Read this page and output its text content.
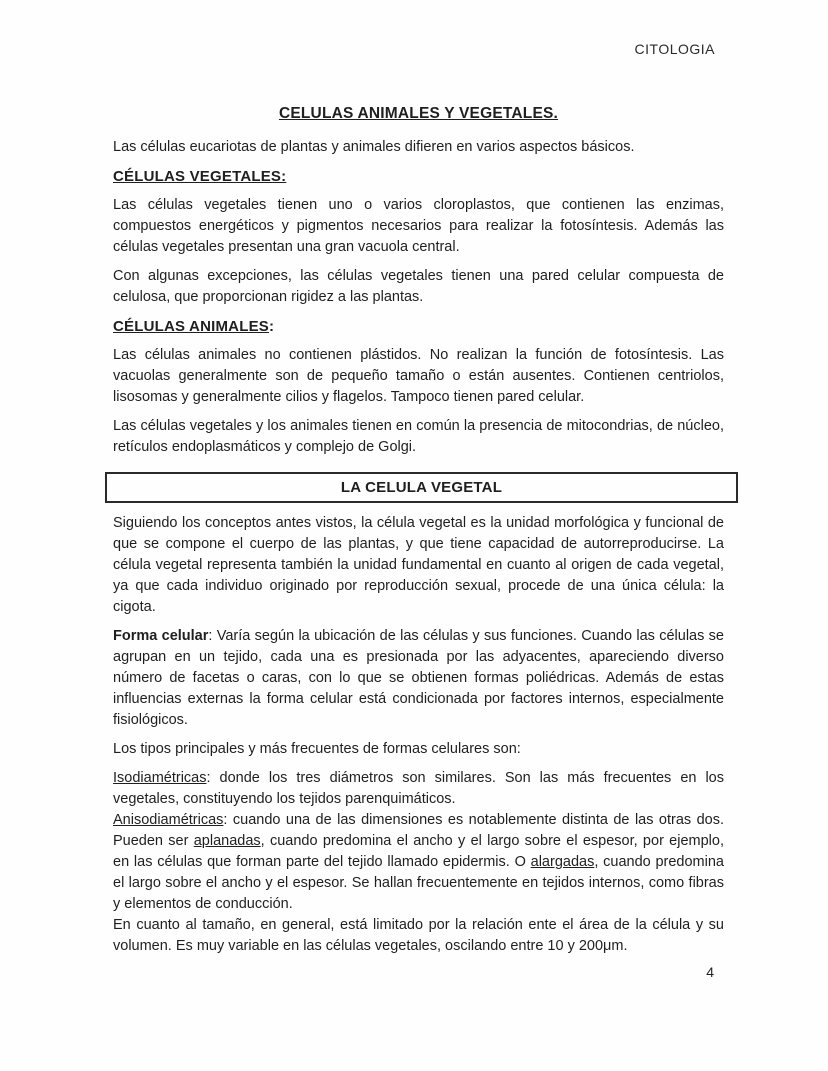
CITOLOGIA
CELULAS ANIMALES Y VEGETALES.

Las células eucariotas de plantas y animales difieren en varios aspectos básicos.

CÉLULAS VEGETALES:

Las células vegetales tienen uno o varios cloroplastos, que contienen las enzimas, compuestos energéticos y pigmentos necesarios para realizar la fotosíntesis. Además las células vegetales presentan una gran vacuola central.

Con algunas excepciones, las células vegetales tienen una pared celular compuesta de celulosa, que proporcionan rigidez a las plantas.

CÉLULAS ANIMALES:

Las células animales no contienen plástidos. No realizan la función de fotosíntesis. Las vacuolas generalmente son de pequeño tamaño o están ausentes. Contienen centriolos, lisosomas y generalmente cilios y flagelos. Tampoco tienen pared celular.

Las células vegetales y los animales tienen en común la presencia de mitocondrias, de núcleo, retículos endoplasmáticos y complejo de Golgi.

LA CELULA VEGETAL

Siguiendo los conceptos antes vistos, la célula vegetal es la unidad morfológica y funcional de que se compone el cuerpo de las plantas, y que tiene capacidad de autorreproducirse. La célula vegetal representa también la unidad fundamental en cuanto al origen de cada vegetal, ya que cada individuo originado por reproducción sexual, procede de una única célula: la cigota.

Forma celular: Varía según la ubicación de las células y sus funciones. Cuando las células se agrupan en un tejido, cada una es presionada por las adyacentes, apareciendo diverso número de facetas o caras, con lo que se obtienen formas poliédricas. Además de estas influencias externas la forma celular está condicionada por factores internos, especialmente fisiológicos.

Los tipos principales y más frecuentes de formas celulares son:

Isodiamétricas: donde los tres diámetros son similares. Son las más frecuentes en los vegetales, constituyendo los tejidos parenquimáticos.

Anisodiamétricas: cuando una de las dimensiones es notablemente distinta de las otras dos. Pueden ser aplanadas, cuando predomina el ancho y el largo sobre el espesor, por ejemplo, en las células que forman parte del tejido llamado epidermis. O alargadas, cuando predomina el largo sobre el ancho y el espesor. Se hallan frecuentemente en tejidos internos, como fibras y elementos de conducción.

En cuanto al tamaño, en general, está limitado por la relación ente el área de la célula y su volumen. Es muy variable en las células vegetales, oscilando entre 10 y 200μm.

4
